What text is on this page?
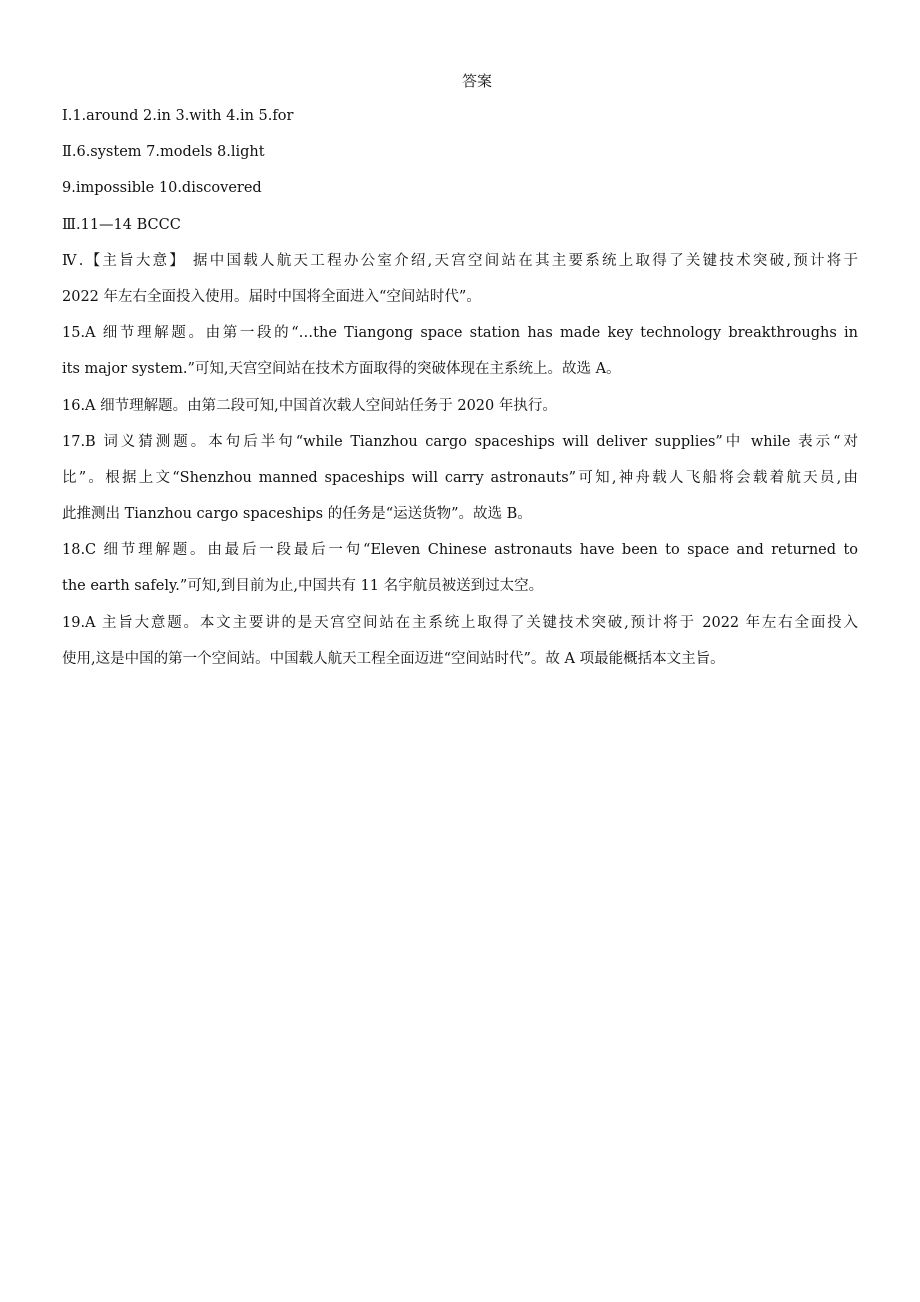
答案
Ⅰ.1.around 2.in 3.with 4.in 5.for
Ⅱ.6.system 7.models 8.light
9.impossible 10.discovered
Ⅲ.11—14 BCCC
Ⅳ.【主旨大意】 据中国载人航天工程办公室介绍,天宫空间站在其主要系统上取得了关键技术突破,预计将于
2022 年左右全面投入使用。届时中国将全面进入“空间站时代”。
15.A 细节理解题。由第一段的“…the Tiangong space station has made key technology breakthroughs in
its major system.”可知,天宫空间站在技术方面取得的突破体现在主系统上。故选 A。
16.A 细节理解题。由第二段可知,中国首次载人空间站任务于 2020 年执行。
17.B 词义猜测题。本句后半句“while Tianzhou cargo spaceships will deliver supplies”中 while 表示“对
比”。根据上文“Shenzhou manned spaceships will carry astronauts”可知,神舟载人飞船将会载着航天员,由
此推测出 Tianzhou cargo spaceships 的任务是“运送货物”。故选 B。
18.C 细节理解题。由最后一段最后一句“Eleven Chinese astronauts have been to space and returned to
the earth safely.”可知,到目前为止,中国共有 11 名宇航员被送到过太空。
19.A 主旨大意题。本文主要讲的是天宫空间站在主系统上取得了关键技术突破,预计将于 2022 年左右全面投入
使用,这是中国的第一个空间站。中国载人航天工程全面迈进“空间站时代”。故 A 项最能概括本文主旨。
